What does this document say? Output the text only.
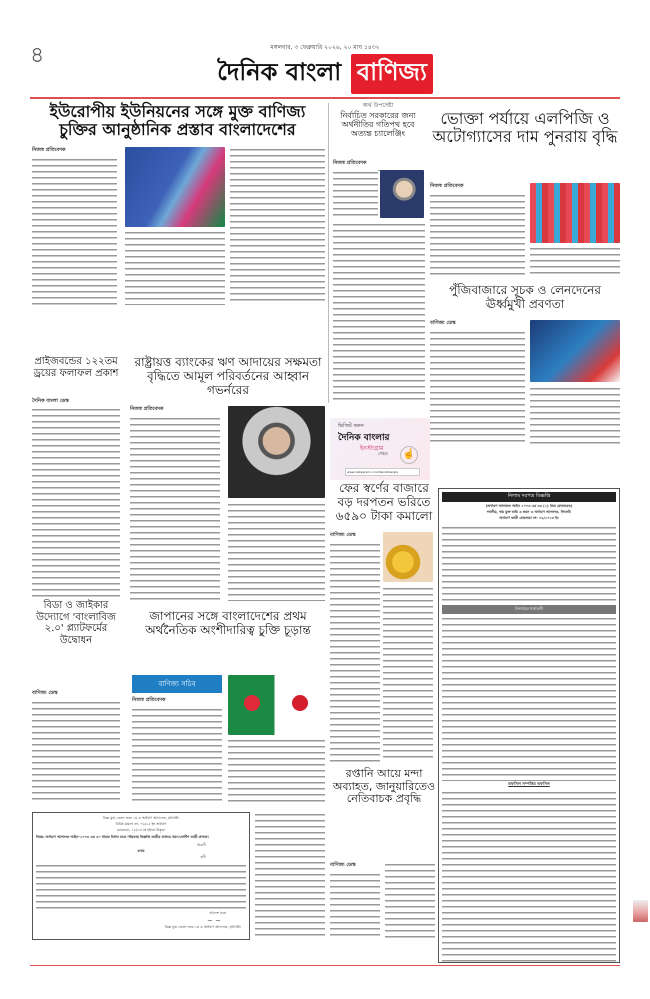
৪	মঙ্গলবার, ৩ ফেব্রুয়ারি ২০২৬, ২০ মাঘ ১৪৩২
দৈনিক বাংলা বাণিজ্য
ইউরোপীয় ইউনিয়নের সঙ্গে মুক্ত বাণিজ্য চুক্তির আনুষ্ঠানিক প্রস্তাব বাংলাদেশের
নিজস্ব প্রতিবেদক
অর্থ উপদেষ্টা
নির্বাচিত সরকারের জন্য অর্থনীতির গতিপথ হবে অত্যন্ত চ্যালেঞ্জিং
নিজস্ব প্রতিবেদক
ভোক্তা পর্যায়ে এলপিজি ও অটোগ্যাসের দাম পুনরায় বৃদ্ধি
নিজস্ব প্রতিবেদক
পুঁজিবাজারে সূচক ও লেনদেনের ঊর্ধ্বমুখী প্রবণতা
বাণিজ্য ডেস্ক
প্রাইজবন্ডের ১২২তম ড্রয়ের ফলাফল প্রকাশ
দৈনিক বাংলা ডেস্ক
রাষ্ট্রায়ত্ত ব্যাংকের ঋণ আদায়ের সক্ষমতা বৃদ্ধিতে আমূল পরিবর্তনের আহ্বান গভর্নরের
নিজস্ব প্রতিবেদক
ভিজিট করুন
দৈনিক বাংলার
ইনস্টাগ্রাম
পেইজ ☝
www.instagram.com/dainikbangla
ফের স্বর্ণের বাজারে বড় দরপতন ভরিতে ৬৫৯০ টাকা কমালো
বাণিজ্য ডেস্ক
নিলাম দরপত্র বিজ্ঞপ্তি
(অর্থঋণ আদালত আইন ২০০৩ এর ৩৩ (১) ধারা মোতাবেক)
দখলীয়, দায় মুক্ত জমি ও ভবন ও অর্থঋণ আদালত, সিলেট।
অর্থঋণ জারী মোকদ্দমা নং- ০৯/২০২৩ ইং
নিলামের শর্তাবলী
তফসিল সম্পত্তির তফসিল
বিডা ও জাইকার উদ্যোগে 'বাংলাবিজ ২.০' প্ল্যাটফর্মের উদ্বোধন
বাণিজ্য ডেস্ক
জাপানের সঙ্গে বাংলাদেশের প্রথম অর্থনৈতিক অংশীদারিত্ব চুক্তি চূড়ান্ত
বাণিজ্য সচিব
নিজস্ব প্রতিবেদক
বিজ্ঞ যুগ্ম জেলা জজ ১ম ও অর্থঋণ আদালত, হবিগঞ্জ।
বিবিধ মামলা নং- ০৬/২৫ ইং অর্থঋণ
মোকদ্দমা- ১৫/২৩ নং হইতে উদ্ভূত।
বিষয়: অর্থঋণ আদালত আইন-২০০৩ এর ৫০ ধারার বিধান মতে পত্রিকায় বিজ্ঞপ্তি জারীর মাধ্যমে সমন/নোটিশ জারী প্রসঙ্গে।
বিবাদী
বনাম
বাদী
আদেশ মতে
~ ~
বিজ্ঞ যুগ্ম জেলা জজ ১ম ও অর্থঋণ আদালত, হবিগঞ্জ।
রপ্তানি আয়ে মন্দা অব্যাহত, জানুয়ারিতেও নেতিবাচক প্রবৃদ্ধি
বাণিজ্য ডেস্ক
